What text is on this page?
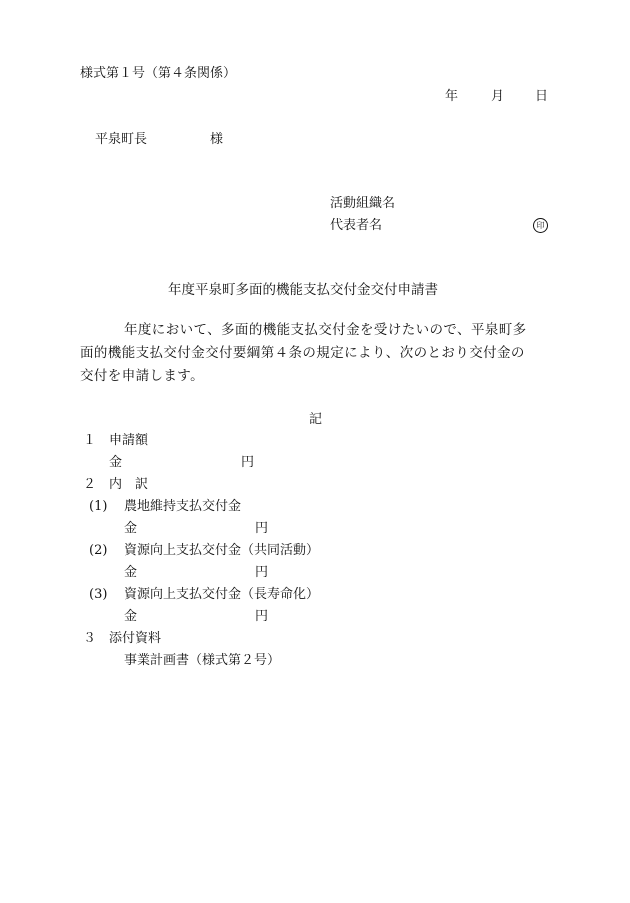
様式第１号（第４条関係）
年	月 日
平泉町長	様
活動組織名
代表者名	印
年度平泉町多面的機能支払交付金交付申請書
年度において、多面的機能支払交付金を受けたいので、平泉町多
面的機能支払交付金交付要綱第４条の規定により、次のとおり交付金の
交付を申請します。
記
１ 申請額
金	円
２ 内　訳
(1) 農地維持支払交付金
金	円
(2) 資源向上支払交付金（共同活動）
金	円
(3) 資源向上支払交付金（長寿命化）
金	円
３ 添付資料
事業計画書（様式第２号）
